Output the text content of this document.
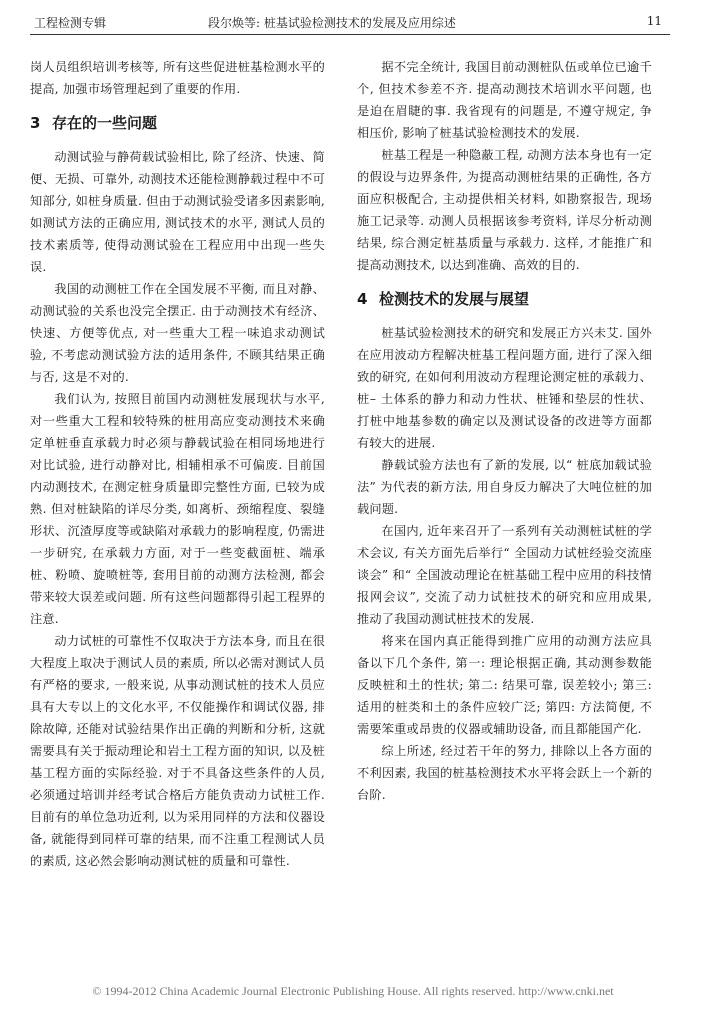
工程检测专辑	段尔焕等: 桩基试验检测技术的发展及应用综述	11

岗人员组织培训考核等, 所有这些促进桩基检测水平的提高, 加强市场管理起到了重要的作用.

3 存在的一些问题

动测试验与静荷载试验相比, 除了经济、快速、简便、无损、可靠外, 动测技术还能检测静载过程中不可知部分, 如桩身质量. 但由于动测试验受诸多因素影响, 如测试方法的正确应用, 测试技术的水平, 测试人员的技术素质等, 使得动测试验在工程应用中出现一些失误.

我国的动测桩工作在全国发展不平衡, 而且对静、动测试验的关系也没完全摆正. 由于动测技术有经济、快速、方便等优点, 对一些重大工程一味追求动测试验, 不考虑动测试验方法的适用条件, 不顾其结果正确与否, 这是不对的.

我们认为, 按照目前国内动测桩发展现状与水平, 对一些重大工程和较特殊的桩用高应变动测技术来确定单桩垂直承载力时必须与静载试验在相同场地进行对比试验, 进行动静对比, 相辅相承不可偏废. 目前国内动测技术, 在测定桩身质量即完整性方面, 已较为成熟. 但对桩缺陷的详尽分类, 如离析、颈缩程度、裂缝形状、沉渣厚度等或缺陷对承载力的影响程度, 仍需进一步研究, 在承载力方面, 对于一些变截面桩、端承桩、粉喷、旋喷桩等, 套用目前的动测方法检测, 都会带来较大误差或问题. 所有这些问题都得引起工程界的注意.

动力试桩的可靠性不仅取决于方法本身, 而且在很大程度上取决于测试人员的素质, 所以必需对测试人员有严格的要求, 一般来说, 从事动测试桩的技术人员应具有大专以上的文化水平, 不仅能操作和调试仪器, 排除故障, 还能对试验结果作出正确的判断和分析, 这就需要具有关于振动理论和岩土工程方面的知识, 以及桩基工程方面的实际经验. 对于不具备这些条件的人员, 必须通过培训并经考试合格后方能负责动力试桩工作. 目前有的单位急功近利, 以为采用同样的方法和仪器设备, 就能得到同样可靠的结果, 而不注重工程测试人员的素质, 这必然会影响动测试桩的质量和可靠性.

据不完全统计, 我国目前动测桩队伍或单位已逾千个, 但技术参差不齐. 提高动测技术培训水平问题, 也是迫在眉睫的事. 我省现有的问题是, 不遵守规定, 争相压价, 影响了桩基试验检测技术的发展.

桩基工程是一种隐蔽工程, 动测方法本身也有一定的假设与边界条件, 为提高动测桩结果的正确性, 各方面应积极配合, 主动提供相关材料, 如勘察报告, 现场施工记录等. 动测人员根据该参考资料, 详尽分析动测结果, 综合测定桩基质量与承载力. 这样, 才能推广和提高动测技术, 以达到准确、高效的目的.

4 检测技术的发展与展望

桩基试验检测技术的研究和发展正方兴未艾. 国外在应用波动方程解决桩基工程问题方面, 进行了深入细致的研究, 在如何利用波动方程理论测定桩的承载力、桩– 土体系的静力和动力性状、桩锤和垫层的性状、打桩中地基参数的确定以及测试设备的改进等方面都有较大的进展.

静载试验方法也有了新的发展, 以“ 桩底加载试验法” 为代表的新方法, 用自身反力解决了大吨位桩的加载问题.

在国内, 近年来召开了一系列有关动测桩试桩的学术会议, 有关方面先后举行“ 全国动力试桩经验交流座谈会” 和“ 全国波动理论在桩基础工程中应用的科技情报网会议”, 交流了动力试桩技术的研究和应用成果, 推动了我国动测试桩技术的发展.

将来在国内真正能得到推广应用的动测方法应具备以下几个条件, 第一: 理论根据正确, 其动测参数能反映桩和土的性状; 第二: 结果可靠, 误差较小; 第三: 适用的桩类和土的条件应较广泛; 第四: 方法简便, 不需要笨重或昂贵的仪器或辅助设备, 而且都能国产化.

综上所述, 经过若干年的努力, 排除以上各方面的不利因素, 我国的桩基检测技术水平将会跃上一个新的台阶.

© 1994-2012 China Academic Journal Electronic Publishing House. All rights reserved. http://www.cnki.net
